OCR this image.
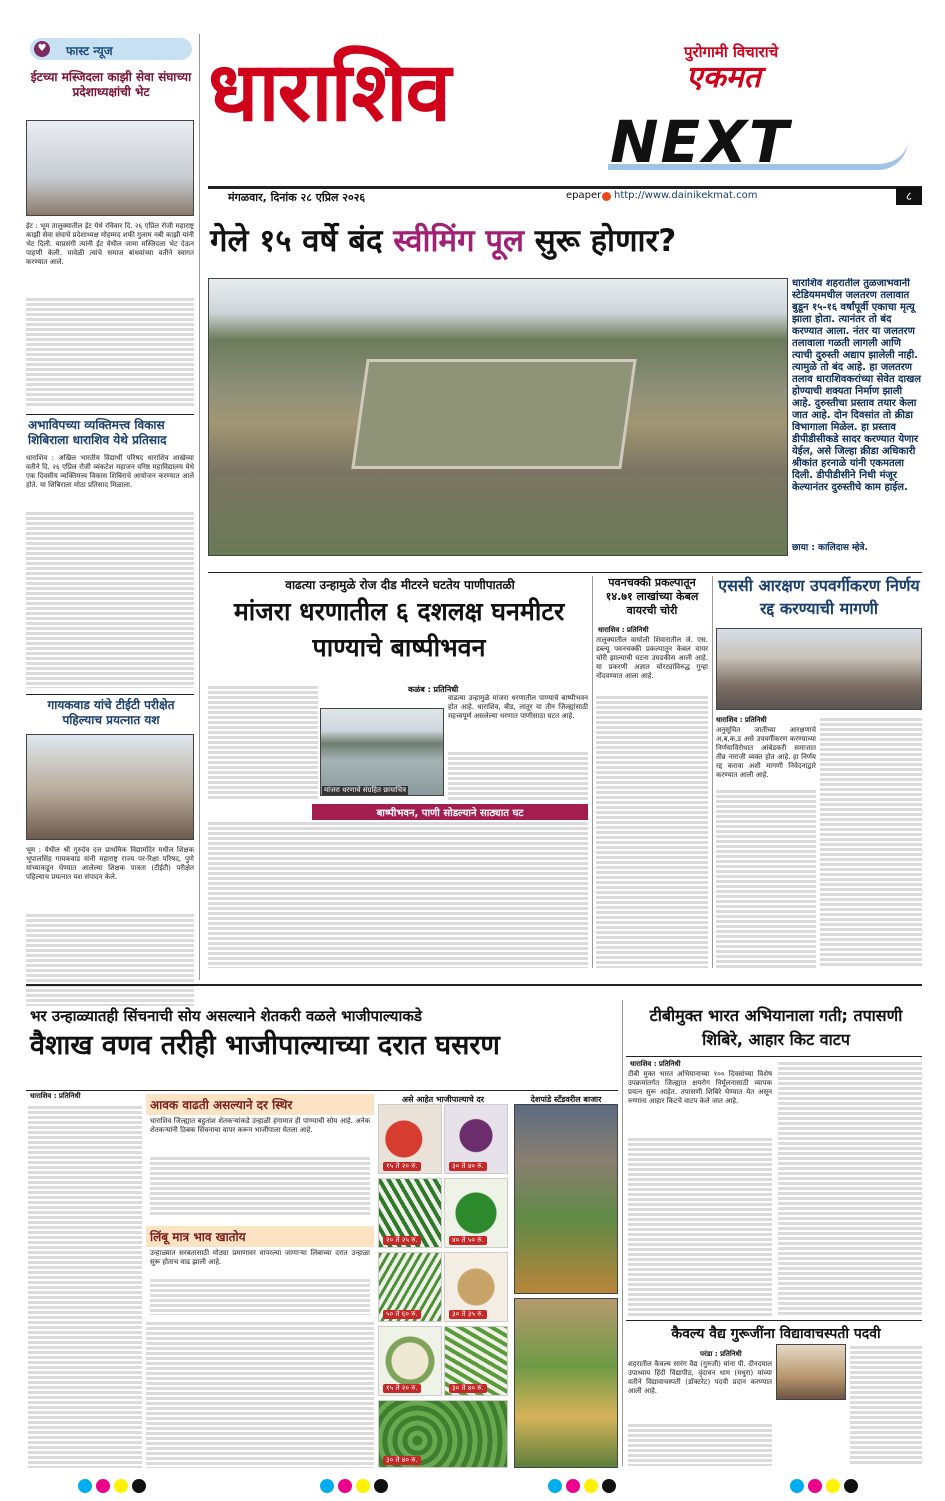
♥ फास्ट न्यूज
ईटच्या मस्जिदला काझी सेवा संघाच्या प्रदेशाध्यक्षांची भेट
ईट : भूम तालुक्यातील ईट येथे रविवार दि. २६ एप्रिल रोजी महाराष्ट्र काझी सेवा संघाचे प्रदेशाध्यक्ष मोहम्मद शफी गुलाम नबी काझी यांनी भेट दिली. याप्रसंगी त्यांनी ईट येथील जामा मस्जिदला भेट देऊन पाहणी केली. यावेळी त्यांचे समाज बांधवांच्या वतीने स्वागत करण्यात आले.
अभाविपच्या व्यक्तिमत्त्व विकास शिबिराला धाराशिव येथे प्रतिसाद
धाराशिव : अखिल भारतीय विद्यार्थी परिषद धाराशिव शाखेच्या वतीने दि. २६ एप्रिल रोजी व्यंकटेश महाजन वरिष्ठ महाविद्यालय येथे एक दिवसीय व्यक्तिमत्त्व विकास शिबिराचे आयोजन करण्यात आले होते. या शिबिराला मोठा प्रतिसाद मिळाला.
गायकवाड यांचे टीईटी परीक्षेत पहिल्याच प्रयत्नात यश
भूम : येथील श्री गुरुदेव दत्त प्राथमिक विद्यामंदिर मधील शिक्षक भूपालसिंह गायकवाड यांनी महाराष्ट्र राज्य पर-रिक्षा परिषद, पुणे यांच्याकडून घेण्यात आलेल्या शिक्षक पात्रता (टीईटी) परीक्षेत पहिल्याच प्रयत्नात यश संपादन केले.
धाराशिव	पुरोगामी विचाराचे
एकमत
NEXT
मंगळवार, दिनांक २८ एप्रिल २०२६	epaper http://www.dainikekmat.com	८
गेले १५ वर्षे बंद स्वीमिंग पूल सुरू होणार?
धाराशिव शहरातील तुळजाभवानी स्टेडियममधील जलतरण तलावात बुडून १५-१६ वर्षांपूर्वी एकाचा मृत्यू झाला होता. त्यानंतर तो बंद करण्यात आला. नंतर या जलतरण तलावाला गळती लागली आणि त्याची दुरुस्ती अद्याप झालेली नाही. त्यामुळे तो बंद आहे. हा जलतरण तलाव धाराशिवकरांच्या सेवेत दाखल होण्याची शक्यता निर्माण झाली आहे. दुरुस्तीचा प्रस्ताव तयार केला जात आहे. दोन दिवसांत तो क्रीडा विभागाला मिळेल. हा प्रस्ताव डीपीडीसीकडे सादर करण्यात येणार येईल, असे जिल्हा क्रीडा अधिकारी श्रीकांत हरनाळे यांनी एकमतला दिली. डीपीडीसीने निधी मंजूर केल्यानंतर दुरुस्तीचे काम हाईल.
छाया : कालिदास म्हेत्रे.
वाढत्या उन्हामुळे रोज दीड मीटरने घटतेय पाणीपातळी
मांजरा धरणातील ६ दशलक्ष घनमीटर पाण्याचे बाष्पीभवन
कळंब : प्रतिनिधी
मांजरा धरणाचे संग्रहित छायाचित्र
वाढत्या उन्हामुळे मांजरा धरणातील पाण्याचे बाष्पीभवन होत आहे. धाराशिव, बीड, लातूर या तीन जिल्ह्यांसाठी महत्त्वपूर्ण असलेल्या धरणात पाणीसाठा घटत आहे.
बाष्पीभवन, पाणी सोडल्याने साठ्यात घट
पवनचक्की प्रकल्पातून १४.७१ लाखांच्या केबल वायरची चोरी
धाराशिव : प्रतिनिधी
तालुक्यातील वाघोली शिवारातील जे. एस. डब्ल्यू पवनचक्की प्रकल्पातून केबल वायर चोरी झाल्याची घटना उघडकीस आली आहे. या प्रकरणी अज्ञात चोरट्यांविरुद्ध गुन्हा नोंदवण्यात आला आहे.
एससी आरक्षण उपवर्गीकरण निर्णय रद्द करण्याची मागणी
धाराशिव : प्रतिनिधी
अनुसूचित जातींच्या आरक्षणाचे अ,ब,क,ड असे उपवर्गीकरण करण्याच्या निर्णयाविरोधात आंबेडकरी समाजात तीव्र नाराजी व्यक्त होत आहे. हा निर्णय रद्द करावा अशी मागणी निवेदनाद्वारे करण्यात आली आहे.
भर उन्हाळ्यातही सिंचनाची सोय असल्याने शेतकरी वळले भाजीपाल्याकडे
वैशाख वणव तरीही भाजीपाल्याच्या दरात घसरण
धाराशिव : प्रतिनिधी
आवक वाढती असल्याने दर स्थिर
धाराशिव जिल्ह्यात बहुतांश शेतकऱ्यांकडे उन्हाळी हंगामात ही पाण्याची सोय आहे. अनेक शेतकऱ्यांनी ठिबक सिंचनाचा वापर करून भाजीपाला घेतला आहे.
लिंबू मात्र भाव खातोय
उन्हाळ्यात सरबतासाठी मोठ्या प्रमाणावर वापरल्या जाणाऱ्या लिंबाच्या दरात उन्हाळा सुरू होताच वाढ झाली आहे.
असे आहेत भाजीपाल्याचे दर
१५ ते २० रु.	३० ते ४० रु.
२० ते २५ रु.	४० ते ५० रु.
५० ते ६० रु.	३० ते ३५ रु.
१५ ते २० रु.	३० ते ४० रु.
३० ते ४० रु.
देशपांडे स्टँडवरील बाजार
टीबीमुक्त भारत अभियानाला गती; तपासणी शिबिरे, आहार किट वाटप
धाराशिव : प्रतिनिधी
टीबी मुक्त भारत अभियानाच्या १०० दिवसांच्या विशेष उपक्रमांतर्गत जिल्ह्यात क्षयरोग निर्मूलनासाठी व्यापक प्रयत्न सुरू आहेत. तपासणी शिबिरे घेण्यात येत असून रुग्णांना आहार किटचे वाटप केले जात आहे.
कैवल्य वैद्य गुरूजींना विद्यावाचस्पती पदवी
परंडा : प्रतिनिधी
शहरातील कैवल्य सारंग वैद्य (गुरुजी) यांना पी. दीनदयाल उपाध्याय हिंदी विद्यापीठ, वृंदावन धाम (मथुरा) यांच्या वतीने विद्यावाचस्पती (डॉक्टरेट) पदवी प्रदान करण्यात आली आहे.
